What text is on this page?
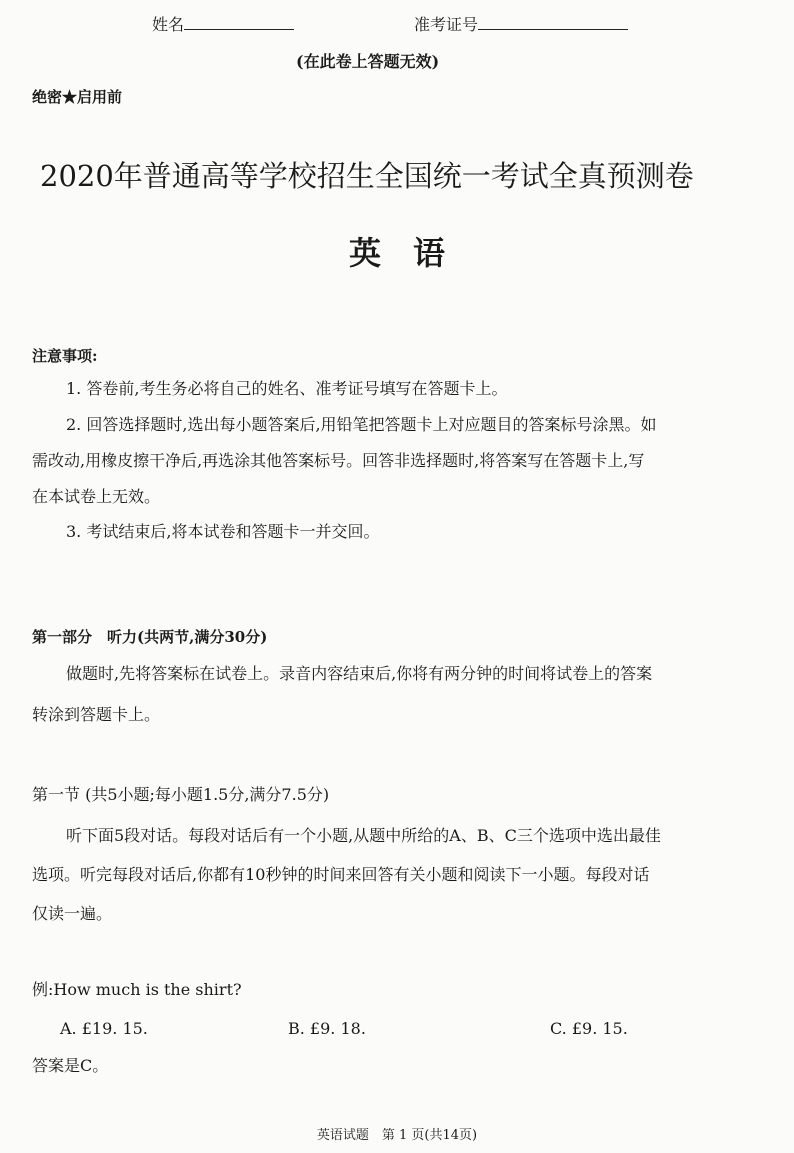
姓名	准考证号
(在此卷上答题无效)
绝密★启用前
2020年普通高等学校招生全国统一考试全真预测卷
英　语
注意事项:
1. 答卷前,考生务必将自己的姓名、准考证号填写在答题卡上。
2. 回答选择题时,选出每小题答案后,用铅笔把答题卡上对应题目的答案标号涂黑。如
需改动,用橡皮擦干净后,再选涂其他答案标号。回答非选择题时,将答案写在答题卡上,写
在本试卷上无效。
3. 考试结束后,将本试卷和答题卡一并交回。
第一部分　听力(共两节,满分30分)
做题时,先将答案标在试卷上。录音内容结束后,你将有两分钟的时间将试卷上的答案
转涂到答题卡上。
第一节 (共5小题;每小题1.5分,满分7.5分)
听下面5段对话。每段对话后有一个小题,从题中所给的A、B、C三个选项中选出最佳
选项。听完每段对话后,你都有10秒钟的时间来回答有关小题和阅读下一小题。每段对话
仅读一遍。
例:How much is the shirt?
A. £19. 15.	B. £9. 18.	C. £9. 15.
答案是C。
英语试题　第 1 页(共14页)
